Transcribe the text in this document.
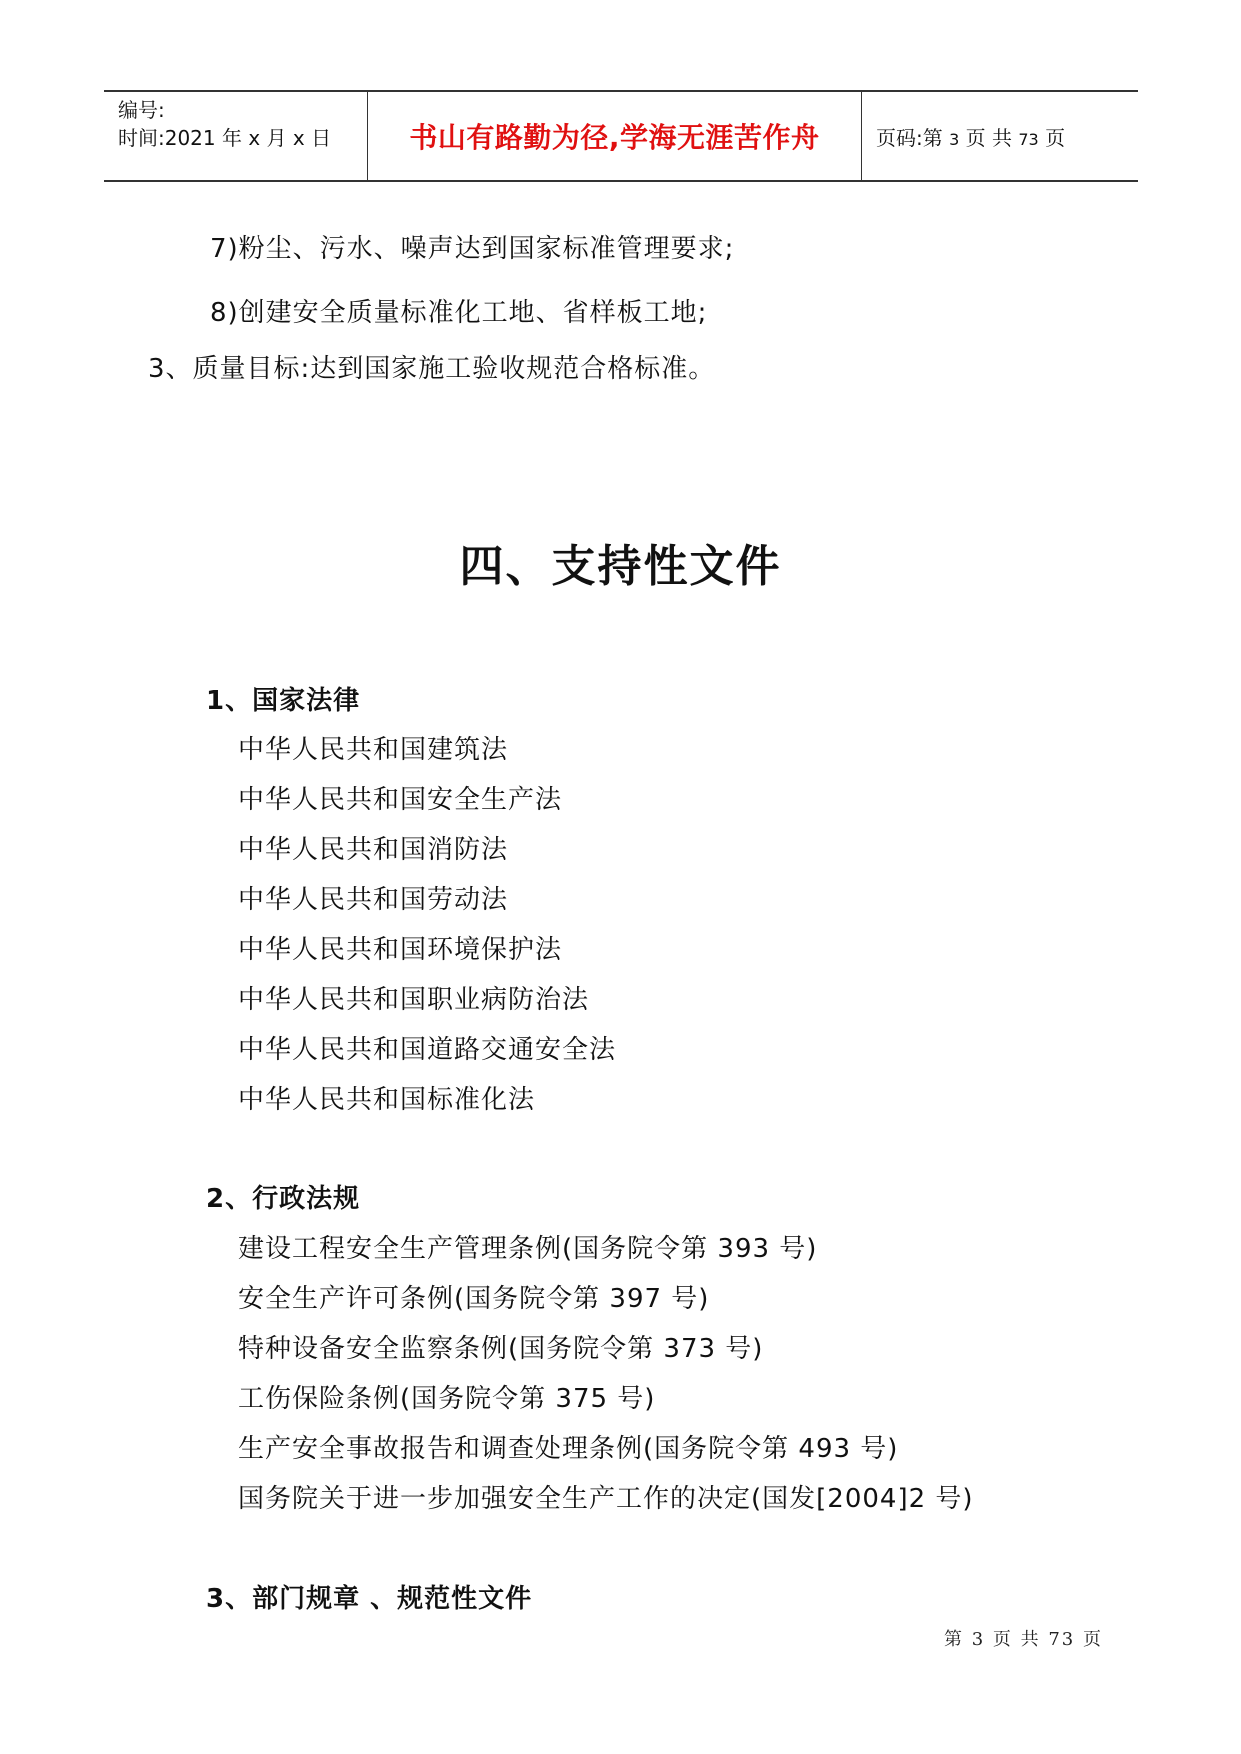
编号:
时间:2021 年 x 月 x 日	书山有路勤为径,学海无涯苦作舟	页码:第 3 页 共 73 页
7)粉尘、污水、噪声达到国家标准管理要求;
8)创建安全质量标准化工地、省样板工地;
3、质量目标:达到国家施工验收规范合格标准。
四、支持性文件
1、国家法律
中华人民共和国建筑法
中华人民共和国安全生产法
中华人民共和国消防法
中华人民共和国劳动法
中华人民共和国环境保护法
中华人民共和国职业病防治法
中华人民共和国道路交通安全法
中华人民共和国标准化法
2、行政法规
建设工程安全生产管理条例(国务院令第 393 号)
安全生产许可条例(国务院令第 397 号)
特种设备安全监察条例(国务院令第 373 号)
工伤保险条例(国务院令第 375 号)
生产安全事故报告和调查处理条例(国务院令第 493 号)
国务院关于进一步加强安全生产工作的决定(国发[2004]2 号)
3、部门规章 、规范性文件
第 3 页 共 73 页
